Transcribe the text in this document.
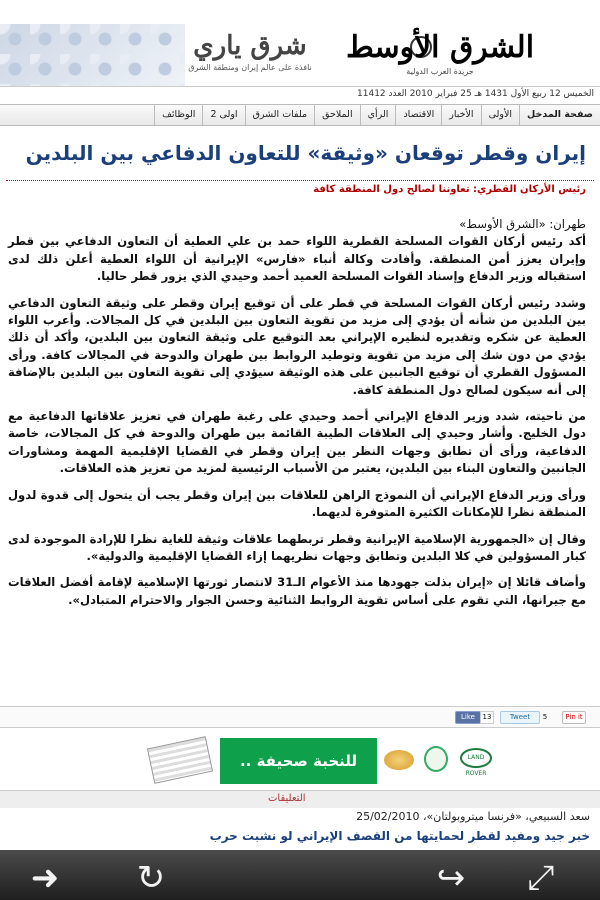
شرق ياري
نافذة على عالم إيران ومنطقة الشرق
الشرق الأوسط
جريدة العرب الدولية
الخميس 12 ربيع الأول 1431 هـ 25 فبراير 2010 العدد 11412
صفحة المدخل
الأولى
الأخبار
الاقتصاد
الرأي
الملاحق
ملفات الشرق
اولى 2
الوظائف
إيران وقطر توقعان «وثيقة» للتعاون الدفاعي بين البلدين
رئيس الأركان القطري: تعاوننا لصالح دول المنطقة كافة

طهران: «الشرق الأوسط»

أكد رئيس أركان القوات المسلحة القطرية اللواء حمد بن علي العطية أن التعاون الدفاعي بين قطر وإيران يعزز أمن المنطقة. وأفادت وكالة أنباء «فارس» الإيرانية أن اللواء العطية أعلن ذلك لدى استقباله وزير الدفاع وإسناد القوات المسلحة العميد أحمد وحيدي الذي يزور قطر حاليا.

وشدد رئيس أركان القوات المسلحة في قطر على أن توقيع إيران وقطر على وثيقة التعاون الدفاعي بين البلدين من شأنه أن يؤدي إلى مزيد من تقوية التعاون بين البلدين في كل المجالات. وأعرب اللواء العطية عن شكره وتقديره لنظيره الإيراني بعد التوقيع على وثيقة التعاون بين البلدين، وأكد أن ذلك يؤدي من دون شك إلى مزيد من تقوية وتوطيد الروابط بين طهران والدوحة في المجالات كافة. ورأى المسؤول القطري أن توقيع الجانبين على هذه الوثيقة سيؤدي إلى تقوية التعاون بين البلدين بالإضافة إلى أنه سيكون لصالح دول المنطقة كافة.

من ناحيته، شدد وزير الدفاع الإيراني أحمد وحيدي على رغبة طهران في تعزيز علاقاتها الدفاعية مع دول الخليج. وأشار وحيدي إلى العلاقات الطيبة القائمة بين طهران والدوحة في كل المجالات، خاصة الدفاعية، ورأى أن تطابق وجهات النظر بين إيران وقطر في القضايا الإقليمية المهمة ومشاورات الجانبين والتعاون البناء بين البلدين، يعتبر من الأسباب الرئيسية لمزيد من تعزيز هذه العلاقات.

ورأى وزير الدفاع الإيراني أن النموذج الراهن للعلاقات بين إيران وقطر يجب أن يتحول إلى قدوة لدول المنطقة نظرا للإمكانات الكثيرة المتوفرة لديهما.

وقال إن «الجمهورية الإسلامية الإيرانية وقطر تربطهما علاقات وثيقة للغاية نظرا للإرادة الموجودة لدى كبار المسؤولين في كلا البلدين وتطابق وجهات نظريهما إزاء القضايا الإقليمية والدولية».

وأضاف قائلا إن «إيران بذلت جهودها منذ الأعوام الـ31 لانتصار ثورتها الإسلامية لإقامة أفضل العلاقات مع جيرانها، التي تقوم على أساس تقوية الروابط الثنائية وحسن الجوار والاحترام المتبادل».

Like	13	Tweet	5	Pin it
للنخبة صحيفة ..	LAND ROVER
التعليقات
سعد السبيعي، «فرنسا ميتروبولتان»، 25/02/2010
خبر جيد ومفيد لقطر لحمايتها من القصف الإيراني لو نشبت حرب
➜ ↻	↪ ⤢
